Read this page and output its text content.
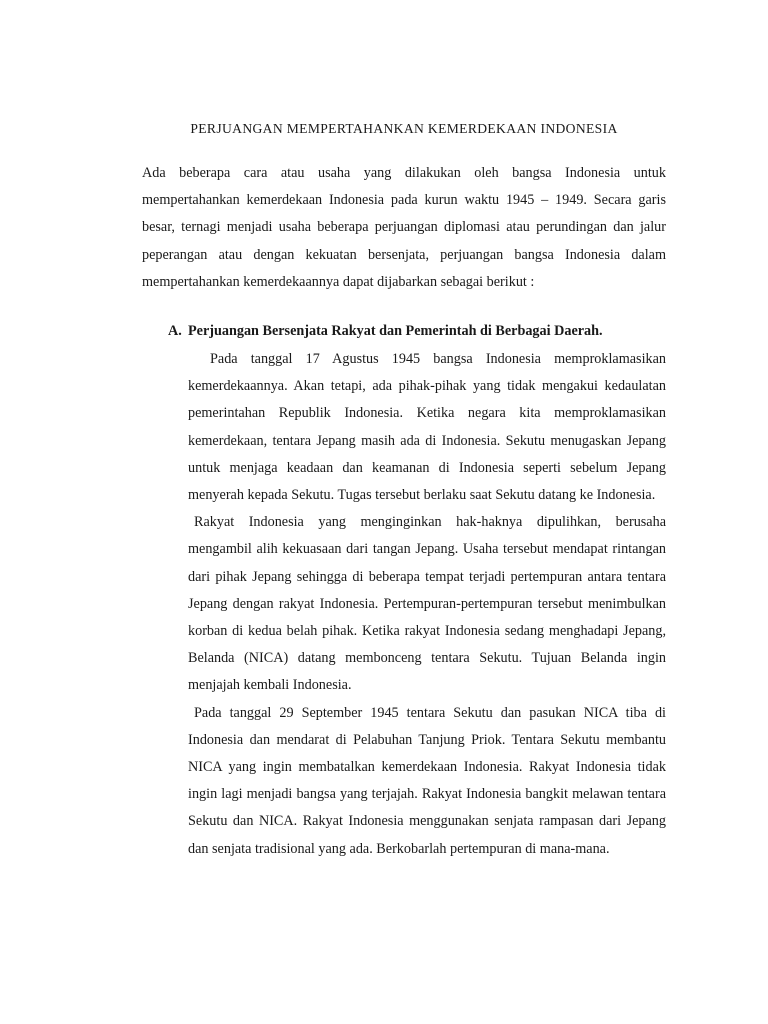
PERJUANGAN MEMPERTAHANKAN KEMERDEKAAN INDONESIA

Ada beberapa cara atau usaha yang dilakukan oleh bangsa Indonesia untuk mempertahankan kemerdekaan Indonesia pada kurun waktu 1945 – 1949. Secara garis besar, ternagi menjadi usaha beberapa perjuangan diplomasi atau perundingan dan jalur peperangan atau dengan kekuatan bersenjata, perjuangan bangsa Indonesia dalam mempertahankan kemerdekaannya dapat dijabarkan sebagai berikut :

A. Perjuangan Bersenjata Rakyat dan Pemerintah di Berbagai Daerah.

Pada tanggal 17 Agustus 1945 bangsa Indonesia memproklamasikan kemerdekaannya. Akan tetapi, ada pihak-pihak yang tidak mengakui kedaulatan pemerintahan Republik Indonesia. Ketika negara kita memproklamasikan kemerdekaan, tentara Jepang masih ada di Indonesia. Sekutu menugaskan Jepang untuk menjaga keadaan dan keamanan di Indonesia seperti sebelum Jepang menyerah kepada Sekutu. Tugas tersebut berlaku saat Sekutu datang ke Indonesia.

Rakyat Indonesia yang menginginkan hak-haknya dipulihkan, berusaha mengambil alih kekuasaan dari tangan Jepang. Usaha tersebut mendapat rintangan dari pihak Jepang sehingga di beberapa tempat terjadi pertempuran antara tentara Jepang dengan rakyat Indonesia. Pertempuran-pertempuran tersebut menimbulkan korban di kedua belah pihak. Ketika rakyat Indonesia sedang menghadapi Jepang, Belanda (NICA) datang membonceng tentara Sekutu. Tujuan Belanda ingin menjajah kembali Indonesia.

Pada tanggal 29 September 1945 tentara Sekutu dan pasukan NICA tiba di Indonesia dan mendarat di Pelabuhan Tanjung Priok. Tentara Sekutu membantu NICA yang ingin membatalkan kemerdekaan Indonesia. Rakyat Indonesia tidak ingin lagi menjadi bangsa yang terjajah. Rakyat Indonesia bangkit melawan tentara Sekutu dan NICA. Rakyat Indonesia menggunakan senjata rampasan dari Jepang dan senjata tradisional yang ada. Berkobarlah pertempuran di mana-mana.
